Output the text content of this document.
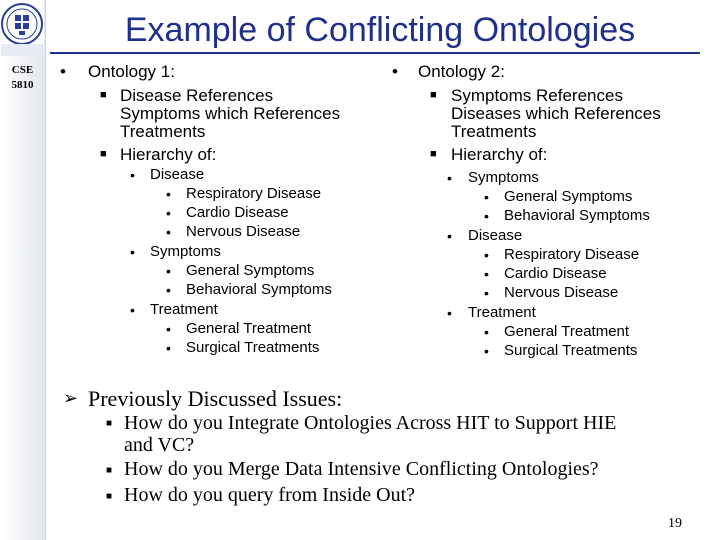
CSE
5810
Example of Conflicting Ontologies
• Ontology 1:
■ Disease References
Symptoms which References
Treatments
■ Hierarchy of:
• Disease
• Respiratory Disease
• Cardio Disease
• Nervous Disease
• Symptoms
• General Symptoms
• Behavioral Symptoms
• Treatment
• General Treatment
• Surgical Treatments
• Ontology 2:
■ Symptoms References
Diseases which References
Treatments
■ Hierarchy of:
• Symptoms
• General Symptoms
• Behavioral Symptoms
• Disease
• Respiratory Disease
• Cardio Disease
• Nervous Disease
• Treatment
• General Treatment
• Surgical Treatments
➢ Previously Discussed Issues:
■ How do you Integrate Ontologies Across HIT to Support HIE
and VC?
■ How do you Merge Data Intensive Conflicting Ontologies?
■ How do you query from Inside Out?
19
